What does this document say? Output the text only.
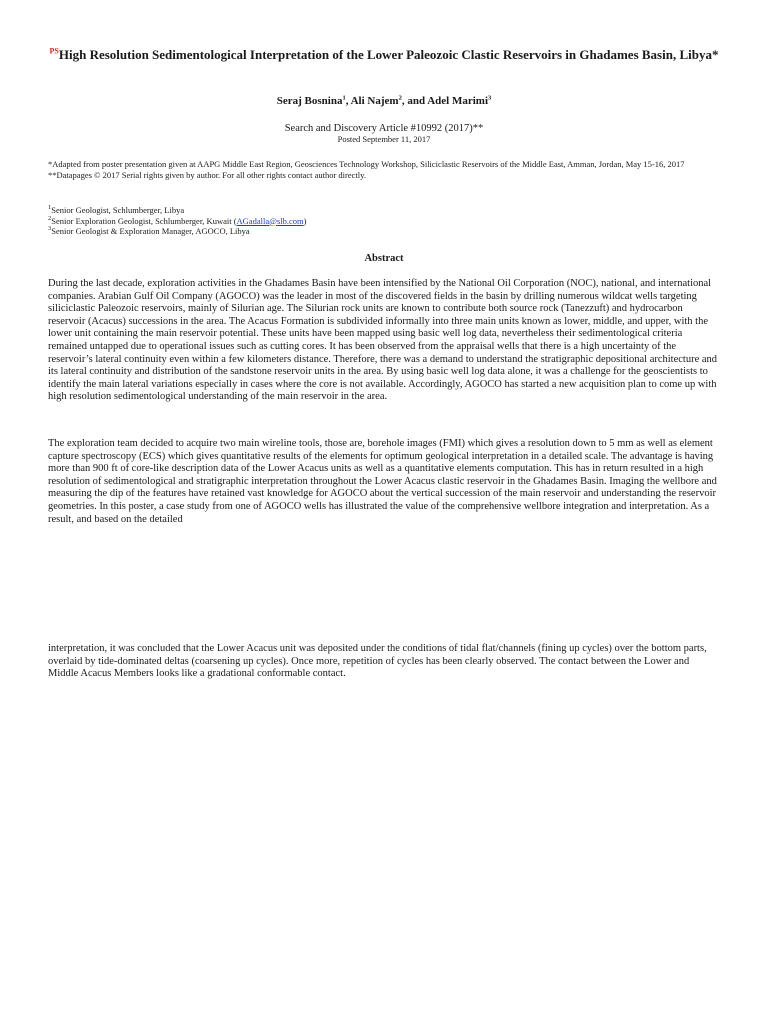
$^{PS}$High Resolution Sedimentological Interpretation of the Lower Paleozoic Clastic Reservoirs in Ghadames Basin, Libya*
Seraj Bosnina$^1$, Ali Najem$^2$, and Adel Marimi$^3$
Search and Discovery Article #10992 (2017)**
Posted September 11, 2017
*Adapted from poster presentation given at AAPG Middle East Region, Geosciences Technology Workshop, Siliciclastic Reservoirs of the Middle East, Amman, Jordan, May 15-16, 2017
**Datapages © 2017 Serial rights given by author. For all other rights contact author directly.
$^1$Senior Geologist, Schlumberger, Libya
$^2$Senior Exploration Geologist, Schlumberger, Kuwait (AGadalla@slb.com)
$^3$Senior Geologist & Exploration Manager, AGOCO, Libya
Abstract

During the last decade, exploration activities in the Ghadames Basin have been intensified by the National Oil Corporation (NOC), national, and international companies. Arabian Gulf Oil Company (AGOCO) was the leader in most of the discovered fields in the basin by drilling numerous wildcat wells targeting siliciclastic Paleozoic reservoirs, mainly of Silurian age. The Silurian rock units are known to contribute both source rock (Tanezzuft) and hydrocarbon reservoir (Acacus) successions in the area. The Acacus Formation is subdivided informally into three main units known as lower, middle, and upper, with the lower unit containing the main reservoir potential. These units have been mapped using basic well log data, nevertheless their sedimentological criteria remained untapped due to operational issues such as cutting cores. It has been observed from the appraisal wells that there is a high uncertainty of the reservoir’s lateral continuity even within a few kilometers distance. Therefore, there was a demand to understand the stratigraphic depositional architecture and its lateral continuity and distribution of the sandstone reservoir units in the area. By using basic well log data alone, it was a challenge for the geoscientists to identify the main lateral variations especially in cases where the core is not available. Accordingly, AGOCO has started a new acquisition plan to come up with high resolution sedimentological understanding of the main reservoir in the area.

The exploration team decided to acquire two main wireline tools, those are, borehole images (FMI) which gives a resolution down to 5 mm as well as element capture spectroscopy (ECS) which gives quantitative results of the elements for optimum geological interpretation in a detailed scale. The advantage is having more than 900 ft of core-like description data of the Lower Acacus units as well as a quantitative elements computation. This has in return resulted in a high resolution of sedimentological and stratigraphic interpretation throughout the Lower Acacus clastic reservoir in the Ghadames Basin. Imaging the wellbore and measuring the dip of the features have retained vast knowledge for AGOCO about the vertical succession of the main reservoir and understanding the reservoir geometries. In this poster, a case study from one of AGOCO wells has illustrated the value of the comprehensive wellbore integration and interpretation. As a result, and based on the detailed

interpretation, it was concluded that the Lower Acacus unit was deposited under the conditions of tidal flat/channels (fining up cycles) over the bottom parts, overlaid by tide-dominated deltas (coarsening up cycles). Once more, repetition of cycles has been clearly observed. The contact between the Lower and Middle Acacus Members looks like a gradational conformable contact.
